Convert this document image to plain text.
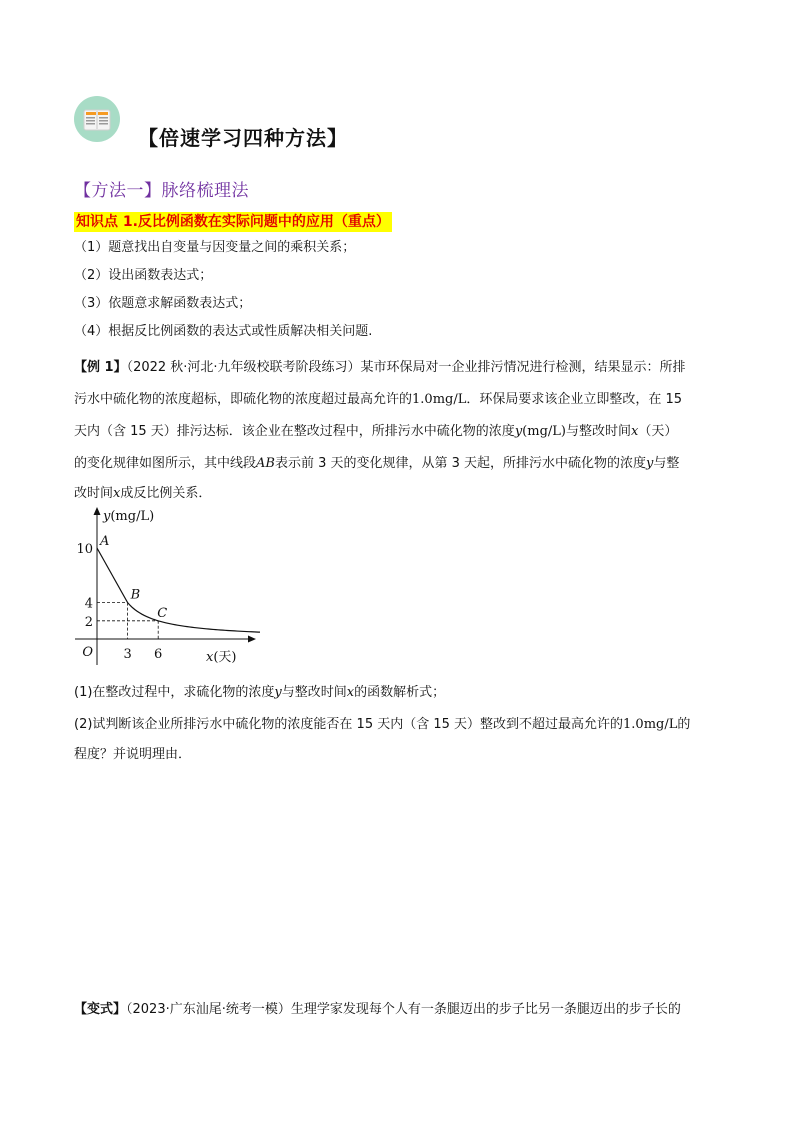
【倍速学习四种方法】
【方法一】脉络梳理法
知识点 1.反比例函数在实际问题中的应用（重点）
（1）题意找出自变量与因变量之间的乘积关系；
（2）设出函数表达式；
（3）依题意求解函数表达式；
（4）根据反比例函数的表达式或性质解决相关问题.
【例 1】（2022 秋·河北·九年级校联考阶段练习）某市环保局对一企业排污情况进行检测，结果显示：所排
污水中硫化物的浓度超标，即硫化物的浓度超过最高允许的1.0mg/L．环保局要求该企业立即整改，在 15
天内（含 15 天）排污达标．该企业在整改过程中，所排污水中硫化物的浓度y(mg/L)与整改时间x（天）
的变化规律如图所示，其中线段AB表示前 3 天的变化规律，从第 3 天起，所排污水中硫化物的浓度y与整
改时间x成反比例关系．
A
B
C
2
4
10
3 6
O
y(mg/L)
x(天)
(1)在整改过程中，求硫化物的浓度y与整改时间x的函数解析式；
(2)试判断该企业所排污水中硫化物的浓度能否在 15 天内（含 15 天）整改到不超过最高允许的1.0mg/L的
程度？并说明理由．
【变式】（2023·广东汕尾·统考一模）生理学家发现每个人有一条腿迈出的步子比另一条腿迈出的步子长的
